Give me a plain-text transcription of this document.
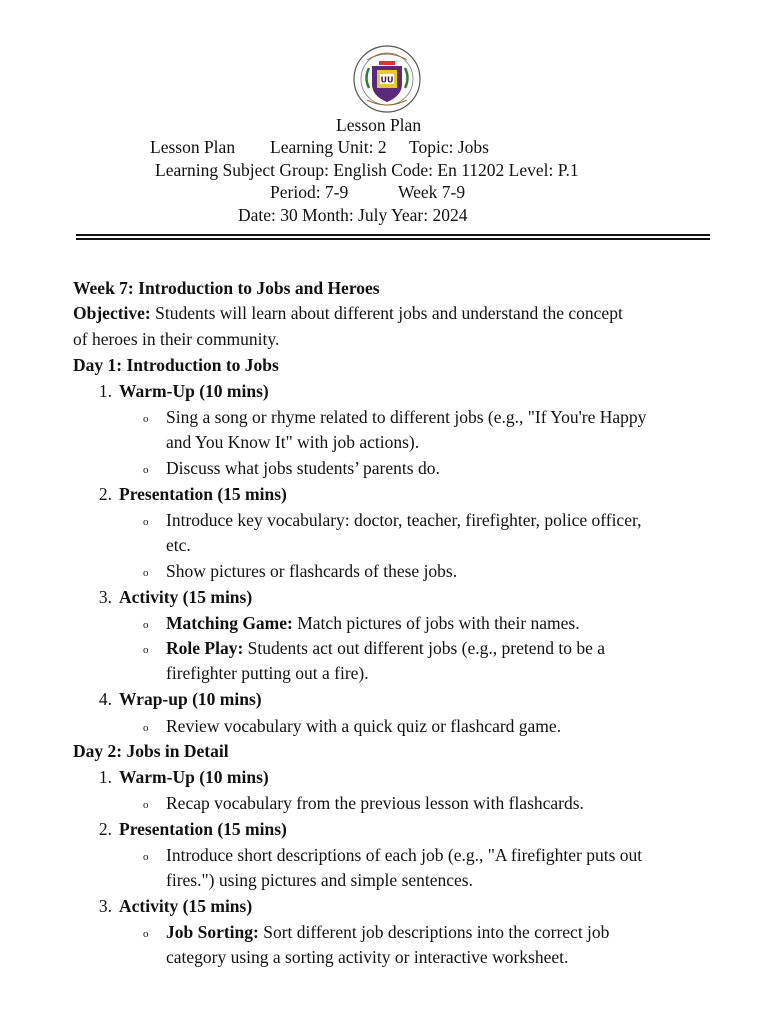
UU
Lesson Plan
Lesson Plan Learning Unit: 2 Topic: Jobs
Learning Subject Group: English Code: En 11202 Level: P.1
Period: 7-9	Week 7-9
Date: 30 Month: July Year: 2024
Week 7: Introduction to Jobs and Heroes
Objective: Students will learn about different jobs and understand the concept
of heroes in their community.
Day 1: Introduction to Jobs
1. Warm-Up (10 mins)
o Sing a song or rhyme related to different jobs (e.g., "If You're Happy
and You Know It" with job actions).
o Discuss what jobs students’ parents do.
2. Presentation (15 mins)
o Introduce key vocabulary: doctor, teacher, firefighter, police officer,
etc.
o Show pictures or flashcards of these jobs.
3. Activity (15 mins)
o Matching Game: Match pictures of jobs with their names.
o Role Play: Students act out different jobs (e.g., pretend to be a
firefighter putting out a fire).
4. Wrap-up (10 mins)
o Review vocabulary with a quick quiz or flashcard game.
Day 2: Jobs in Detail
1. Warm-Up (10 mins)
o Recap vocabulary from the previous lesson with flashcards.
2. Presentation (15 mins)
o Introduce short descriptions of each job (e.g., "A firefighter puts out
fires.") using pictures and simple sentences.
3. Activity (15 mins)
o Job Sorting: Sort different job descriptions into the correct job
category using a sorting activity or interactive worksheet.
